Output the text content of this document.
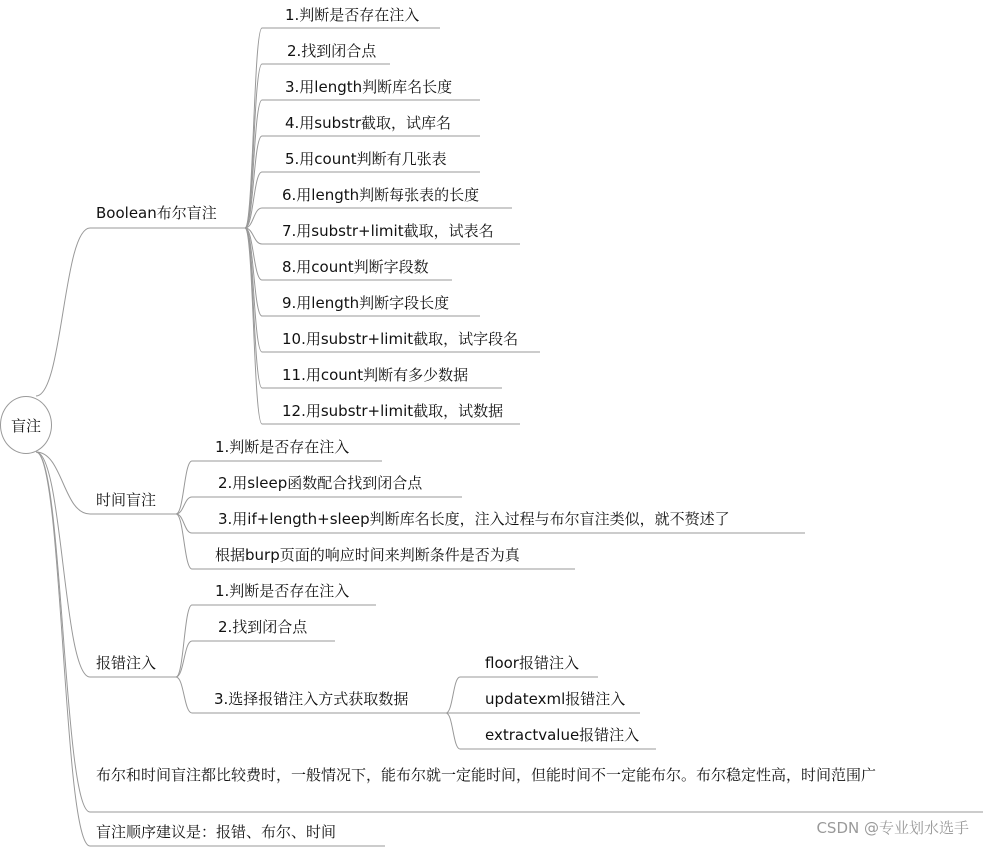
盲注
Boolean布尔盲注
1.判断是否存在注入
2.找到闭合点
3.用length判断库名长度
4.用substr截取，试库名
5.用count判断有几张表
6.用length判断每张表的长度
7.用substr+limit截取，试表名
8.用count判断字段数
9.用length判断字段长度
10.用substr+limit截取，试字段名
11.用count判断有多少数据
12.用substr+limit截取，试数据
时间盲注
1.判断是否存在注入
2.用sleep函数配合找到闭合点
3.用if+length+sleep判断库名长度，注入过程与布尔盲注类似，就不赘述了
根据burp页面的响应时间来判断条件是否为真
报错注入
1.判断是否存在注入
2.找到闭合点
3.选择报错注入方式获取数据
floor报错注入
updatexml报错注入
extractvalue报错注入
布尔和时间盲注都比较费时，一般情况下，能布尔就一定能时间，但能时间不一定能布尔。布尔稳定性高，时间范围广
盲注顺序建议是：报错、布尔、时间	CSDN @专业划水选手
